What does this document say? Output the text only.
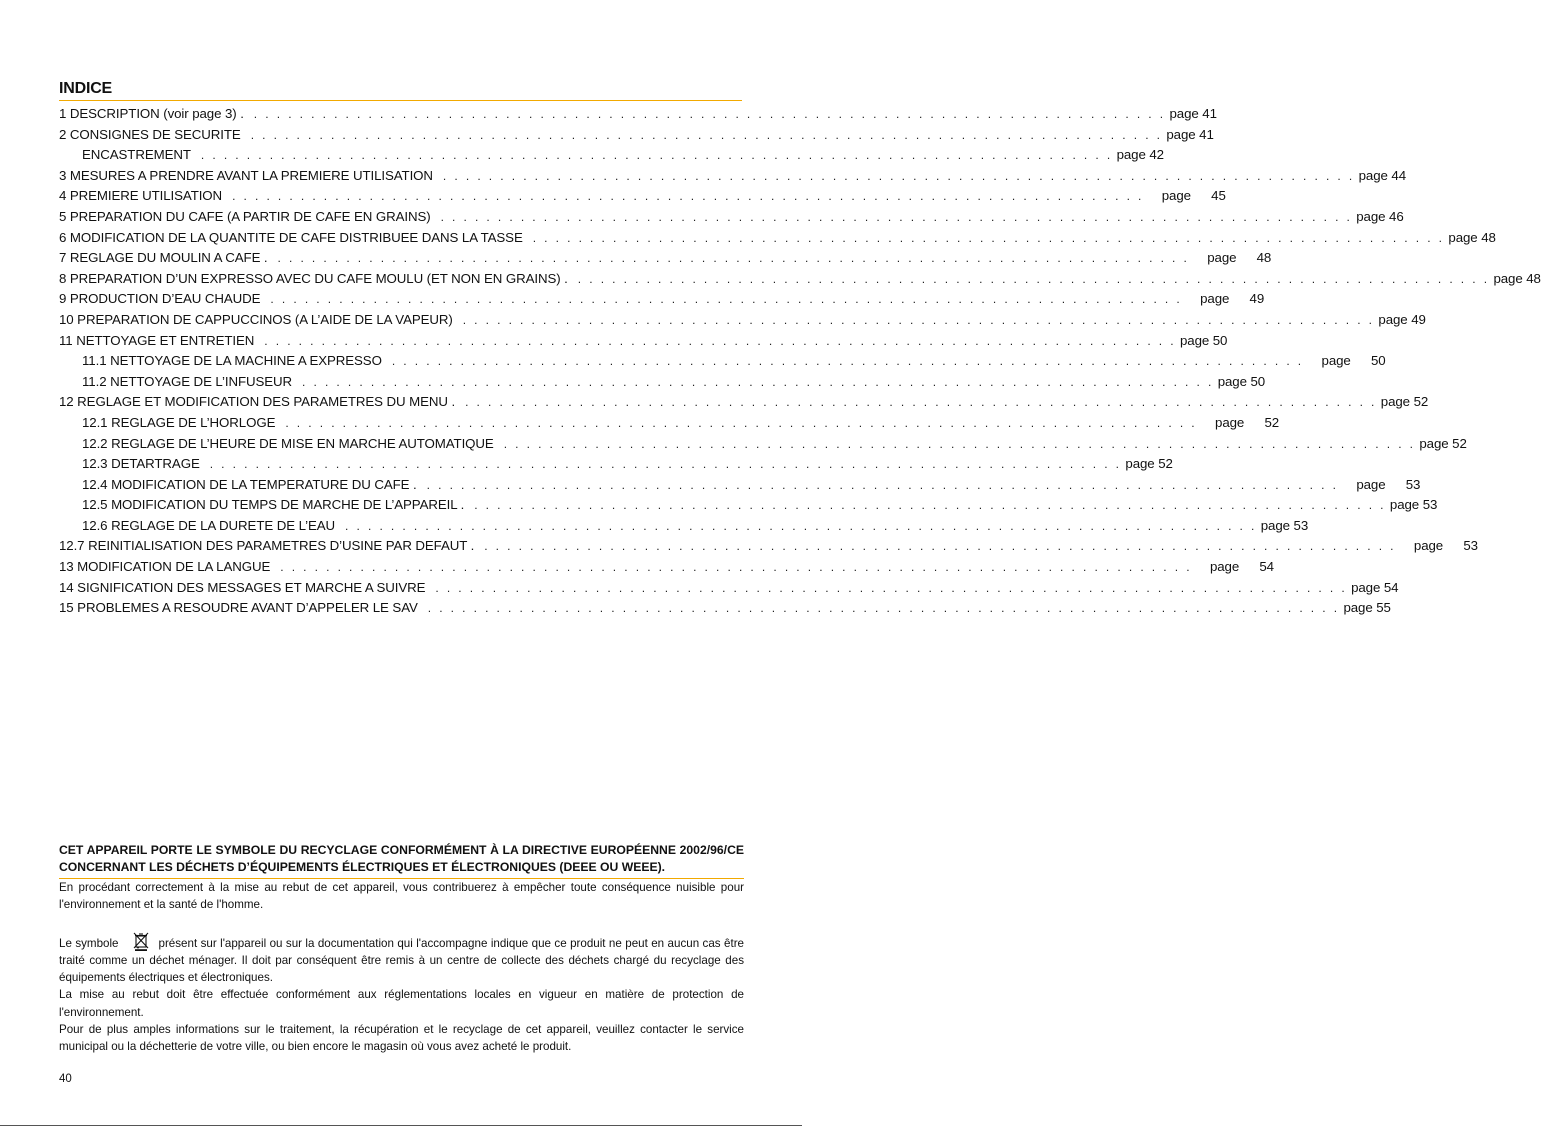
INDICE
1 DESCRIPTION (voir page 3) . . . . . . . . . . . . . . . . . . . . . . . . . . . . . . . . . . . . . . . . . . . . . . . . . . . . . . . . . . . . . . . . . . . . . . . . . . . . . . . . . page 41
2 CONSIGNES DE SECURITE . . . . . . . . . . . . . . . . . . . . . . . . . . . . . . . . . . . . . . . . . . . . . . . . . . . . . . . . . . . . . . . . . . . . . . . . . . . . . . . . page 41
ENCASTREMENT . . . . . . . . . . . . . . . . . . . . . . . . . . . . . . . . . . . . . . . . . . . . . . . . . . . . . . . . . . . . . . . . . . . . . . . . . . . . . . . . page 42
3 MESURES A PRENDRE AVANT LA PREMIERE UTILISATION . . . . . . . . . . . . . . . . . . . . . . . . . . . . . . . . . . . . . . . . . . . . . . . . . . . . . . . . . . . . . . . . . . . . . . . . . . . . . . . . page 44
4 PREMIERE UTILISATION . . . . . . . . . . . . . . . . . . . . . . . . . . . . . . . . . . . . . . . . . . . . . . . . . . . . . . . . . . . . . . . . . . . . . . . . . . . . . . . . page 45
5 PREPARATION DU CAFE (A PARTIR DE CAFE EN GRAINS) . . . . . . . . . . . . . . . . . . . . . . . . . . . . . . . . . . . . . . . . . . . . . . . . . . . . . . . . . . . . . . . . . . . . . . . . . . . . . . . . page 46
6 MODIFICATION DE LA QUANTITE DE CAFE DISTRIBUEE DANS LA TASSE . . . . . . . . . . . . . . . . . . . . . . . . . . . . . . . . . . . . . . . . . . . . . . . . . . . . . . . . . . . . . . . . . . . . . . . . . . . . . . . . page 48
7 REGLAGE DU MOULIN A CAFE . . . . . . . . . . . . . . . . . . . . . . . . . . . . . . . . . . . . . . . . . . . . . . . . . . . . . . . . . . . . . . . . . . . . . . . . . . . . . . . . . page 48
8 PREPARATION D’UN EXPRESSO AVEC DU CAFE MOULU (ET NON EN GRAINS) . . . . . . . . . . . . . . . . . . . . . . . . . . . . . . . . . . . . . . . . . . . . . . . . . . . . . . . . . . . . . . . . . . . . . . . . . . . . . . . . . page 48
9 PRODUCTION D’EAU CHAUDE . . . . . . . . . . . . . . . . . . . . . . . . . . . . . . . . . . . . . . . . . . . . . . . . . . . . . . . . . . . . . . . . . . . . . . . . . . . . . . . . page 49
10 PREPARATION DE CAPPUCCINOS (A L’AIDE DE LA VAPEUR) . . . . . . . . . . . . . . . . . . . . . . . . . . . . . . . . . . . . . . . . . . . . . . . . . . . . . . . . . . . . . . . . . . . . . . . . . . . . . . . . page 49
11 NETTOYAGE ET ENTRETIEN . . . . . . . . . . . . . . . . . . . . . . . . . . . . . . . . . . . . . . . . . . . . . . . . . . . . . . . . . . . . . . . . . . . . . . . . . . . . . . . . page 50
11.1 NETTOYAGE DE LA MACHINE A EXPRESSO . . . . . . . . . . . . . . . . . . . . . . . . . . . . . . . . . . . . . . . . . . . . . . . . . . . . . . . . . . . . . . . . . . . . . . . . . . . . . . . . page 50
11.2 NETTOYAGE DE L’INFUSEUR . . . . . . . . . . . . . . . . . . . . . . . . . . . . . . . . . . . . . . . . . . . . . . . . . . . . . . . . . . . . . . . . . . . . . . . . . . . . . . . . page 50
12 REGLAGE ET MODIFICATION DES PARAMETRES DU MENU . . . . . . . . . . . . . . . . . . . . . . . . . . . . . . . . . . . . . . . . . . . . . . . . . . . . . . . . . . . . . . . . . . . . . . . . . . . . . . . . . page 52
12.1 REGLAGE DE L’HORLOGE . . . . . . . . . . . . . . . . . . . . . . . . . . . . . . . . . . . . . . . . . . . . . . . . . . . . . . . . . . . . . . . . . . . . . . . . . . . . . . . . page 52
12.2 REGLAGE DE L’HEURE DE MISE EN MARCHE AUTOMATIQUE . . . . . . . . . . . . . . . . . . . . . . . . . . . . . . . . . . . . . . . . . . . . . . . . . . . . . . . . . . . . . . . . . . . . . . . . . . . . . . . . page 52
12.3 DETARTRAGE . . . . . . . . . . . . . . . . . . . . . . . . . . . . . . . . . . . . . . . . . . . . . . . . . . . . . . . . . . . . . . . . . . . . . . . . . . . . . . . . page 52
12.4 MODIFICATION DE LA TEMPERATURE DU CAFE . . . . . . . . . . . . . . . . . . . . . . . . . . . . . . . . . . . . . . . . . . . . . . . . . . . . . . . . . . . . . . . . . . . . . . . . . . . . . . . . . page 53
12.5 MODIFICATION DU TEMPS DE MARCHE DE L’APPAREIL . . . . . . . . . . . . . . . . . . . . . . . . . . . . . . . . . . . . . . . . . . . . . . . . . . . . . . . . . . . . . . . . . . . . . . . . . . . . . . . . . page 53
12.6 REGLAGE DE LA DURETE DE L’EAU . . . . . . . . . . . . . . . . . . . . . . . . . . . . . . . . . . . . . . . . . . . . . . . . . . . . . . . . . . . . . . . . . . . . . . . . . . . . . . . . page 53
12.7 REINITIALISATION DES PARAMETRES D’USINE PAR DEFAUT . . . . . . . . . . . . . . . . . . . . . . . . . . . . . . . . . . . . . . . . . . . . . . . . . . . . . . . . . . . . . . . . . . . . . . . . . . . . . . . . . page 53
13 MODIFICATION DE LA LANGUE . . . . . . . . . . . . . . . . . . . . . . . . . . . . . . . . . . . . . . . . . . . . . . . . . . . . . . . . . . . . . . . . . . . . . . . . . . . . . . . . page 54
14 SIGNIFICATION DES MESSAGES ET MARCHE A SUIVRE . . . . . . . . . . . . . . . . . . . . . . . . . . . . . . . . . . . . . . . . . . . . . . . . . . . . . . . . . . . . . . . . . . . . . . . . . . . . . . . . page 54
15 PROBLEMES A RESOUDRE AVANT D’APPELER LE SAV . . . . . . . . . . . . . . . . . . . . . . . . . . . . . . . . . . . . . . . . . . . . . . . . . . . . . . . . . . . . . . . . . . . . . . . . . . . . . . . . page 55
CET APPAREIL PORTE LE SYMBOLE DU RECYCLAGE CONFORMÉMENT À LA DIRECTIVE EUROPÉENNE 2002/96/CE CONCERNANT LES DÉCHETS D’ÉQUIPEMENTS ÉLECTRIQUES ET ÉLECTRONIQUES (DEEE OU WEEE).

En procédant correctement à la mise au rebut de cet appareil, vous contribuerez à empêcher toute conséquence nuisible pour l'environnement et la santé de l'homme.

Le symbole	présent sur l'appareil ou sur la documentation qui l'accompagne indique que ce produit ne peut en aucun cas être traité comme un déchet ménager. Il doit par conséquent être remis à un centre de collecte des déchets chargé du recyclage des équipements électriques et électroniques.

La mise au rebut doit être effectuée conformément aux réglementations locales en vigueur en matière de protection de l'environnement.

Pour de plus amples informations sur le traitement, la récupération et le recyclage de cet appareil, veuillez contacter le service municipal ou la déchetterie de votre ville, ou bien encore le magasin où vous avez acheté le produit.

40
